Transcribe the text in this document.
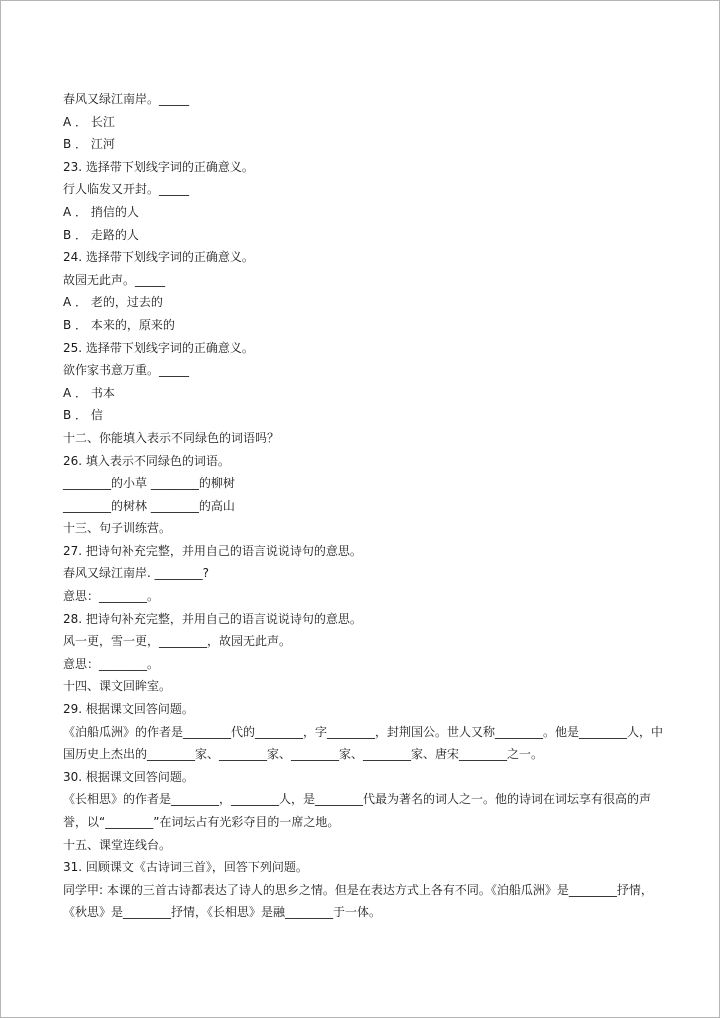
春风又绿江南岸。_____
A ． 长江
B ． 江河
23. 选择带下划线字词的正确意义。
行人临发又开封。_____
A ． 捎信的人
B ． 走路的人
24. 选择带下划线字词的正确意义。
故园无此声。_____
A ． 老的，过去的
B ． 本来的，原来的
25. 选择带下划线字词的正确意义。
欲作家书意万重。_____
A ． 书本
B ． 信
十二、你能填入表示不同绿色的词语吗？
26. 填入表示不同绿色的词语。
________的小草 ________的柳树
________的树林 ________的高山
十三、句子训练营。
27. 把诗句补充完整，并用自己的语言说说诗句的意思。
春风又绿江南岸. ________?
意思：________。
28. 把诗句补充完整，并用自己的语言说说诗句的意思。
风一更，雪一更，________，故园无此声。
意思：________。
十四、课文回眸室。
29. 根据课文回答问题。
《泊船瓜洲》的作者是________代的________，字________，封荆国公。世人又称________。他是________人，中国历史上杰出的________家、________家、________家、________家、唐宋________之一。
30. 根据课文回答问题。
《长相思》的作者是________，________人，是________代最为著名的词人之一。他的诗词在词坛享有很高的声誉，以“________”在词坛占有光彩夺目的一席之地。
十五、课堂连线台。
31. 回顾课文《古诗词三首》，回答下列问题。
同学甲: 本课的三首古诗都表达了诗人的思乡之情。但是在表达方式上各有不同。《泊船瓜洲》是________抒情，《秋思》是________抒情，《长相思》是融________于一体。
